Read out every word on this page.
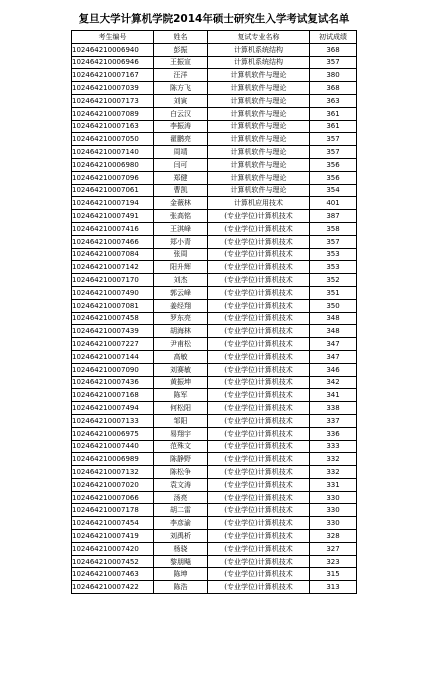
复旦大学计算机学院2014年硕士研究生入学考试复试名单
考生编号	姓名	复试专业名称	初试成绩
102464210006940	彭振	计算机系统结构	368
102464210006946	王振宣	计算机系统结构	357
102464210007167	汪洋	计算机软件与理论	380
102464210007039	陈方飞	计算机软件与理论	368
102464210007173	刘寅	计算机软件与理论	363
102464210007089	白云汉	计算机软件与理论	361
102464210007163	李振涛	计算机软件与理论	361
102464210007050	翟鹏亮	计算机软件与理论	357
102464210007140	周靖	计算机软件与理论	357
102464210006980	闫可	计算机软件与理论	356
102464210007096	郑健	计算机软件与理论	356
102464210007061	曹凯	计算机软件与理论	354
102464210007194	金薇林	计算机应用技术	401
102464210007491	张高铭	(专业学位)计算机技术	387
102464210007416	王淇峰	(专业学位)计算机技术	358
102464210007466	郑小青	(专业学位)计算机技术	357
102464210007084	张周	(专业学位)计算机技术	353
102464210007142	阳升辉	(专业学位)计算机技术	353
102464210007170	刘杰	(专业学位)计算机技术	352
102464210007490	郭云峰	(专业学位)计算机技术	351
102464210007081	姜经翔	(专业学位)计算机技术	350
102464210007458	罗东亮	(专业学位)计算机技术	348
102464210007439	胡海林	(专业学位)计算机技术	348
102464210007227	尹甫松	(专业学位)计算机技术	347
102464210007144	高敏	(专业学位)计算机技术	347
102464210007090	刘赛敏	(专业学位)计算机技术	346
102464210007436	黄振坤	(专业学位)计算机技术	342
102464210007168	陈军	(专业学位)计算机技术	341
102464210007494	何松阳	(专业学位)计算机技术	338
102464210007133	邹阳	(专业学位)计算机技术	337
102464210006975	易翔宇	(专业学位)计算机技术	336
102464210007440	范殊文	(专业学位)计算机技术	333
102464210006989	陈静野	(专业学位)计算机技术	332
102464210007132	陈松争	(专业学位)计算机技术	332
102464210007020	袁文涛	(专业学位)计算机技术	331
102464210007066	汤亮	(专业学位)计算机技术	330
102464210007178	胡二雷	(专业学位)计算机技术	330
102464210007454	李彦渝	(专业学位)计算机技术	330
102464210007419	刘禹析	(专业学位)计算机技术	328
102464210007420	杨骁	(专业学位)计算机技术	327
102464210007452	黎朋飚	(专业学位)计算机技术	323
102464210007463	陈坤	(专业学位)计算机技术	315
102464210007422	陈浩	(专业学位)计算机技术	313
